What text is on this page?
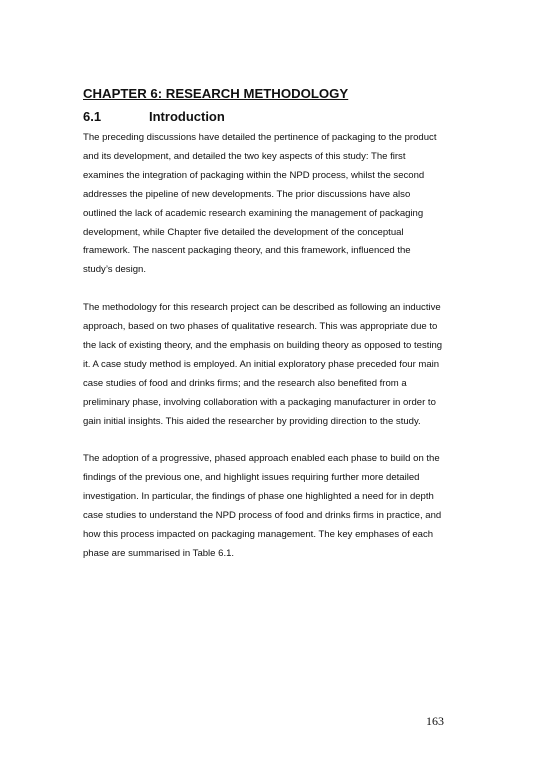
CHAPTER 6: RESEARCH METHODOLOGY
6.1	Introduction

The preceding discussions have detailed the pertinence of packaging to the product
and its development, and detailed the two key aspects of this study: The first
examines the integration of packaging within the NPD process, whilst the second
addresses the pipeline of new developments. The prior discussions have also
outlined the lack of academic research examining the management of packaging
development, while Chapter five detailed the development of the conceptual
framework. The nascent packaging theory, and this framework, influenced the
study’s design.

The methodology for this research project can be described as following an inductive
approach, based on two phases of qualitative research. This was appropriate due to
the lack of existing theory, and the emphasis on building theory as opposed to testing
it. A case study method is employed. An initial exploratory phase preceded four main
case studies of food and drinks firms; and the research also benefited from a
preliminary phase, involving collaboration with a packaging manufacturer in order to
gain initial insights. This aided the researcher by providing direction to the study.

The adoption of a progressive, phased approach enabled each phase to build on the
findings of the previous one, and highlight issues requiring further more detailed
investigation. In particular, the findings of phase one highlighted a need for in depth
case studies to understand the NPD process of food and drinks firms in practice, and
how this process impacted on packaging management. The key emphases of each
phase are summarised in Table 6.1.

163
